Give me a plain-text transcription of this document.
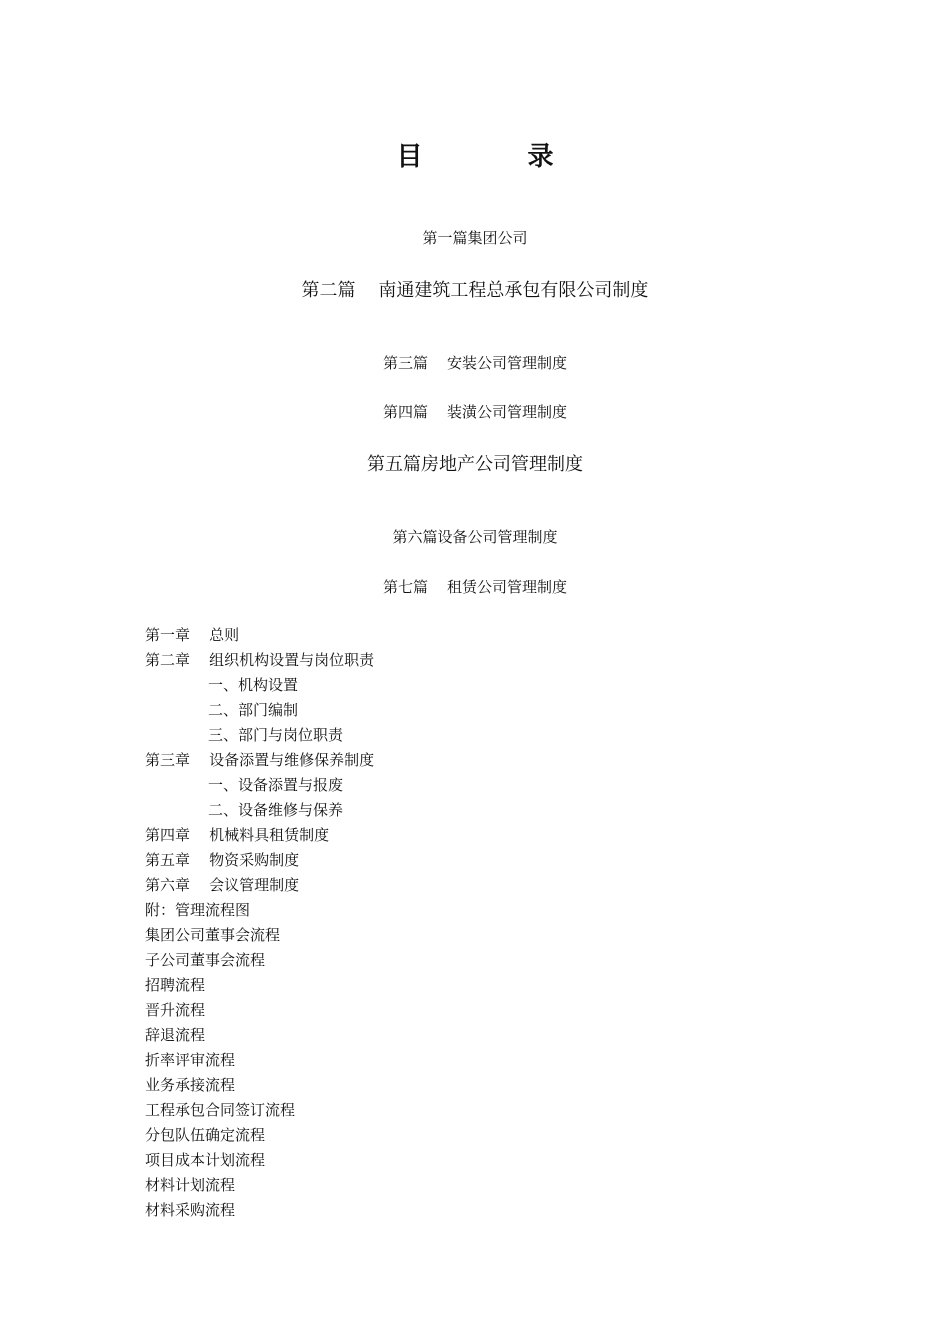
目 录
第一篇集团公司
第二篇    南通建筑工程总承包有限公司制度
第三篇    安装公司管理制度
第四篇    装潢公司管理制度
第五篇房地产公司管理制度
第六篇设备公司管理制度
第七篇    租赁公司管理制度
第一章    总则
第二章    组织机构设置与岗位职责
一、机构设置
二、部门编制
三、部门与岗位职责
第三章    设备添置与维修保养制度
一、设备添置与报废
二、设备维修与保养
第四章    机械料具租赁制度
第五章    物资采购制度
第六章    会议管理制度
附：管理流程图
集团公司董事会流程
子公司董事会流程
招聘流程
晋升流程
辞退流程
折率评审流程
业务承接流程
工程承包合同签订流程
分包队伍确定流程
项目成本计划流程
材料计划流程
材料采购流程
